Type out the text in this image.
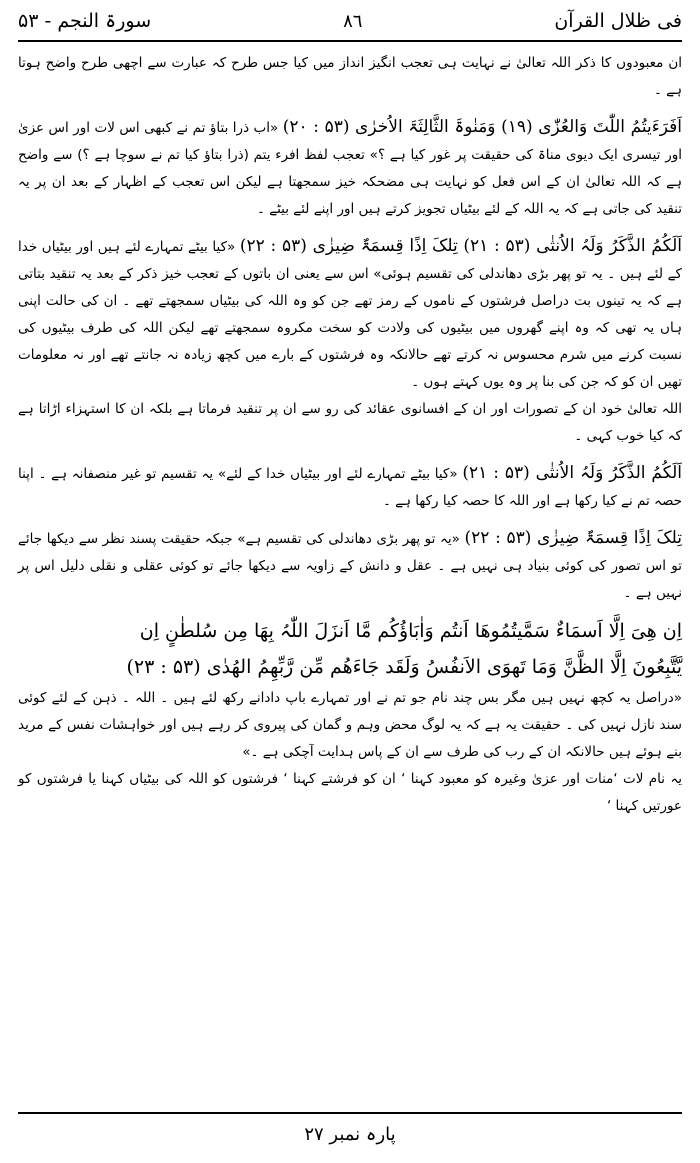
فی ظلال القرآن
٨٦
سورۃ النجم - ۵۳

ان معبودوں کا ذکر اللہ تعالیٰ نے نہایت ہی تعجب انگیز انداز میں کیا جس طرح کہ عبارت سے اچھی طرح واضح ہوتا ہے ۔

اَفَرَءَیتُمُ اللّٰتَ وَالعُزّٰی (۱۹) وَمَنٰوۃَ الثَّالِثَۃَ الاُخرٰی (۵۳ : ۲۰) «اب ذرا بتاؤ تم نے کبھی اس لات اور اس عزیٰ اور تیسری ایک دیوی مناۃ کی حقیقت پر غور کیا ہے ؟» تعجب لفظ افرء یتم (ذرا بتاؤ کیا تم نے سوچا ہے ؟) سے واضح ہے کہ اللہ تعالیٰ ان کے اس فعل کو نہایت ہی مضحکہ خیز سمجھتا ہے لیکن اس تعجب کے اظہار کے بعد ان پر یہ تنقید کی جاتی ہے کہ یہ اللہ کے لئے بیٹیاں تجویز کرتے ہیں اور اپنے لئے بیٹے ۔

اَلَکُمُ الذَّکَرُ وَلَہُ الاُنثٰی (۵۳ : ۲۱) تِلکَ اِذًا قِسمَۃٌ ضِیزٰی (۵۳ : ۲۲) «کیا بیٹے تمہارے لئے ہیں اور بیٹیاں خدا کے لئے ہیں ۔ یہ تو پھر بڑی دھاندلی کی تقسیم ہوئی» اس سے یعنی ان باتوں کے تعجب خیز ذکر کے بعد یہ تنقید بتاتی ہے کہ یہ تینوں بت دراصل فرشتوں کے ناموں کے رمز تھے جن کو وہ اللہ کی بیٹیاں سمجھتے تھے ۔ ان کی حالت اپنی ہاں یہ تھی کہ وہ اپنے گھروں میں بیٹیوں کی ولادت کو سخت مکروہ سمجھتے تھے لیکن اللہ کی طرف بیٹیوں کی نسبت کرنے میں شرم محسوس نہ کرتے تھے حالانکہ وہ فرشتوں کے بارے میں کچھ زیادہ نہ جانتے تھے اور نہ معلومات تھیں ان کو کہ جن کی بنا پر وہ یوں کہتے ہوں ۔

اللہ تعالیٰ خود ان کے تصورات اور ان کے افسانوی عقائد کی رو سے ان پر تنقید فرماتا ہے بلکہ ان کا استہزاء اڑاتا ہے کہ کیا خوب کہی ۔

اَلَکُمُ الذَّکَرُ وَلَہُ الاُنثٰی (۵۳ : ۲۱) «کیا بیٹے تمہارے لئے اور بیٹیاں خدا کے لئے» یہ تقسیم تو غیر منصفانہ ہے ۔ اپنا حصہ تم نے کیا رکھا ہے اور اللہ کا حصہ کیا رکھا ہے ۔

تِلکَ اِذًا قِسمَۃٌ ضِیزٰی (۵۳ : ۲۲) «یہ تو پھر بڑی دھاندلی کی تقسیم ہے» جبکہ حقیقت پسند نظر سے دیکھا جائے تو اس تصور کی کوئی بنیاد ہی نہیں ہے ۔ عقل و دانش کے زاویہ سے دیکھا جائے تو کوئی عقلی و نقلی دلیل اس پر نہیں ہے ۔

اِن ھِیَ اِلَّا اَسمَاءٌ سَمَّیتُمُوھَا اَنتُم وَاٰبَاؤُکُم مَّا اَنزَلَ اللّٰہُ بِھَا مِن سُلطٰنٍ اِن

یَّتَّبِعُونَ اِلَّا الظَّنَّ وَمَا تَھوَی الاَنفُسُ وَلَقَد جَاءَھُم مِّن رَّبِّھِمُ الھُدٰی (۵۳ : ۲۳)

«دراصل یہ کچھ نہیں ہیں مگر بس چند نام جو تم نے اور تمہارے باپ دادانے رکھ لئے ہیں ۔ اللہ ۔ ذہن کے لئے کوئی سند نازل نہیں کی ۔ حقیقت یہ ہے کہ یہ لوگ محض وہم و گمان کی پیروی کر رہے ہیں اور خواہشات نفس کے مرید بنے ہوئے ہیں حالانکہ ان کے رب کی طرف سے ان کے پاس ہدایت آچکی ہے ۔»

یہ نام لات ‘منات اور عزیٰ وغیرہ کو معبود کہنا ‘ ان کو فرشتے کہنا ‘ فرشتوں کو اللہ کی بیٹیاں کہنا یا فرشتوں کو عورتیں کہنا ‘

پارہ نمبر ۲۷
